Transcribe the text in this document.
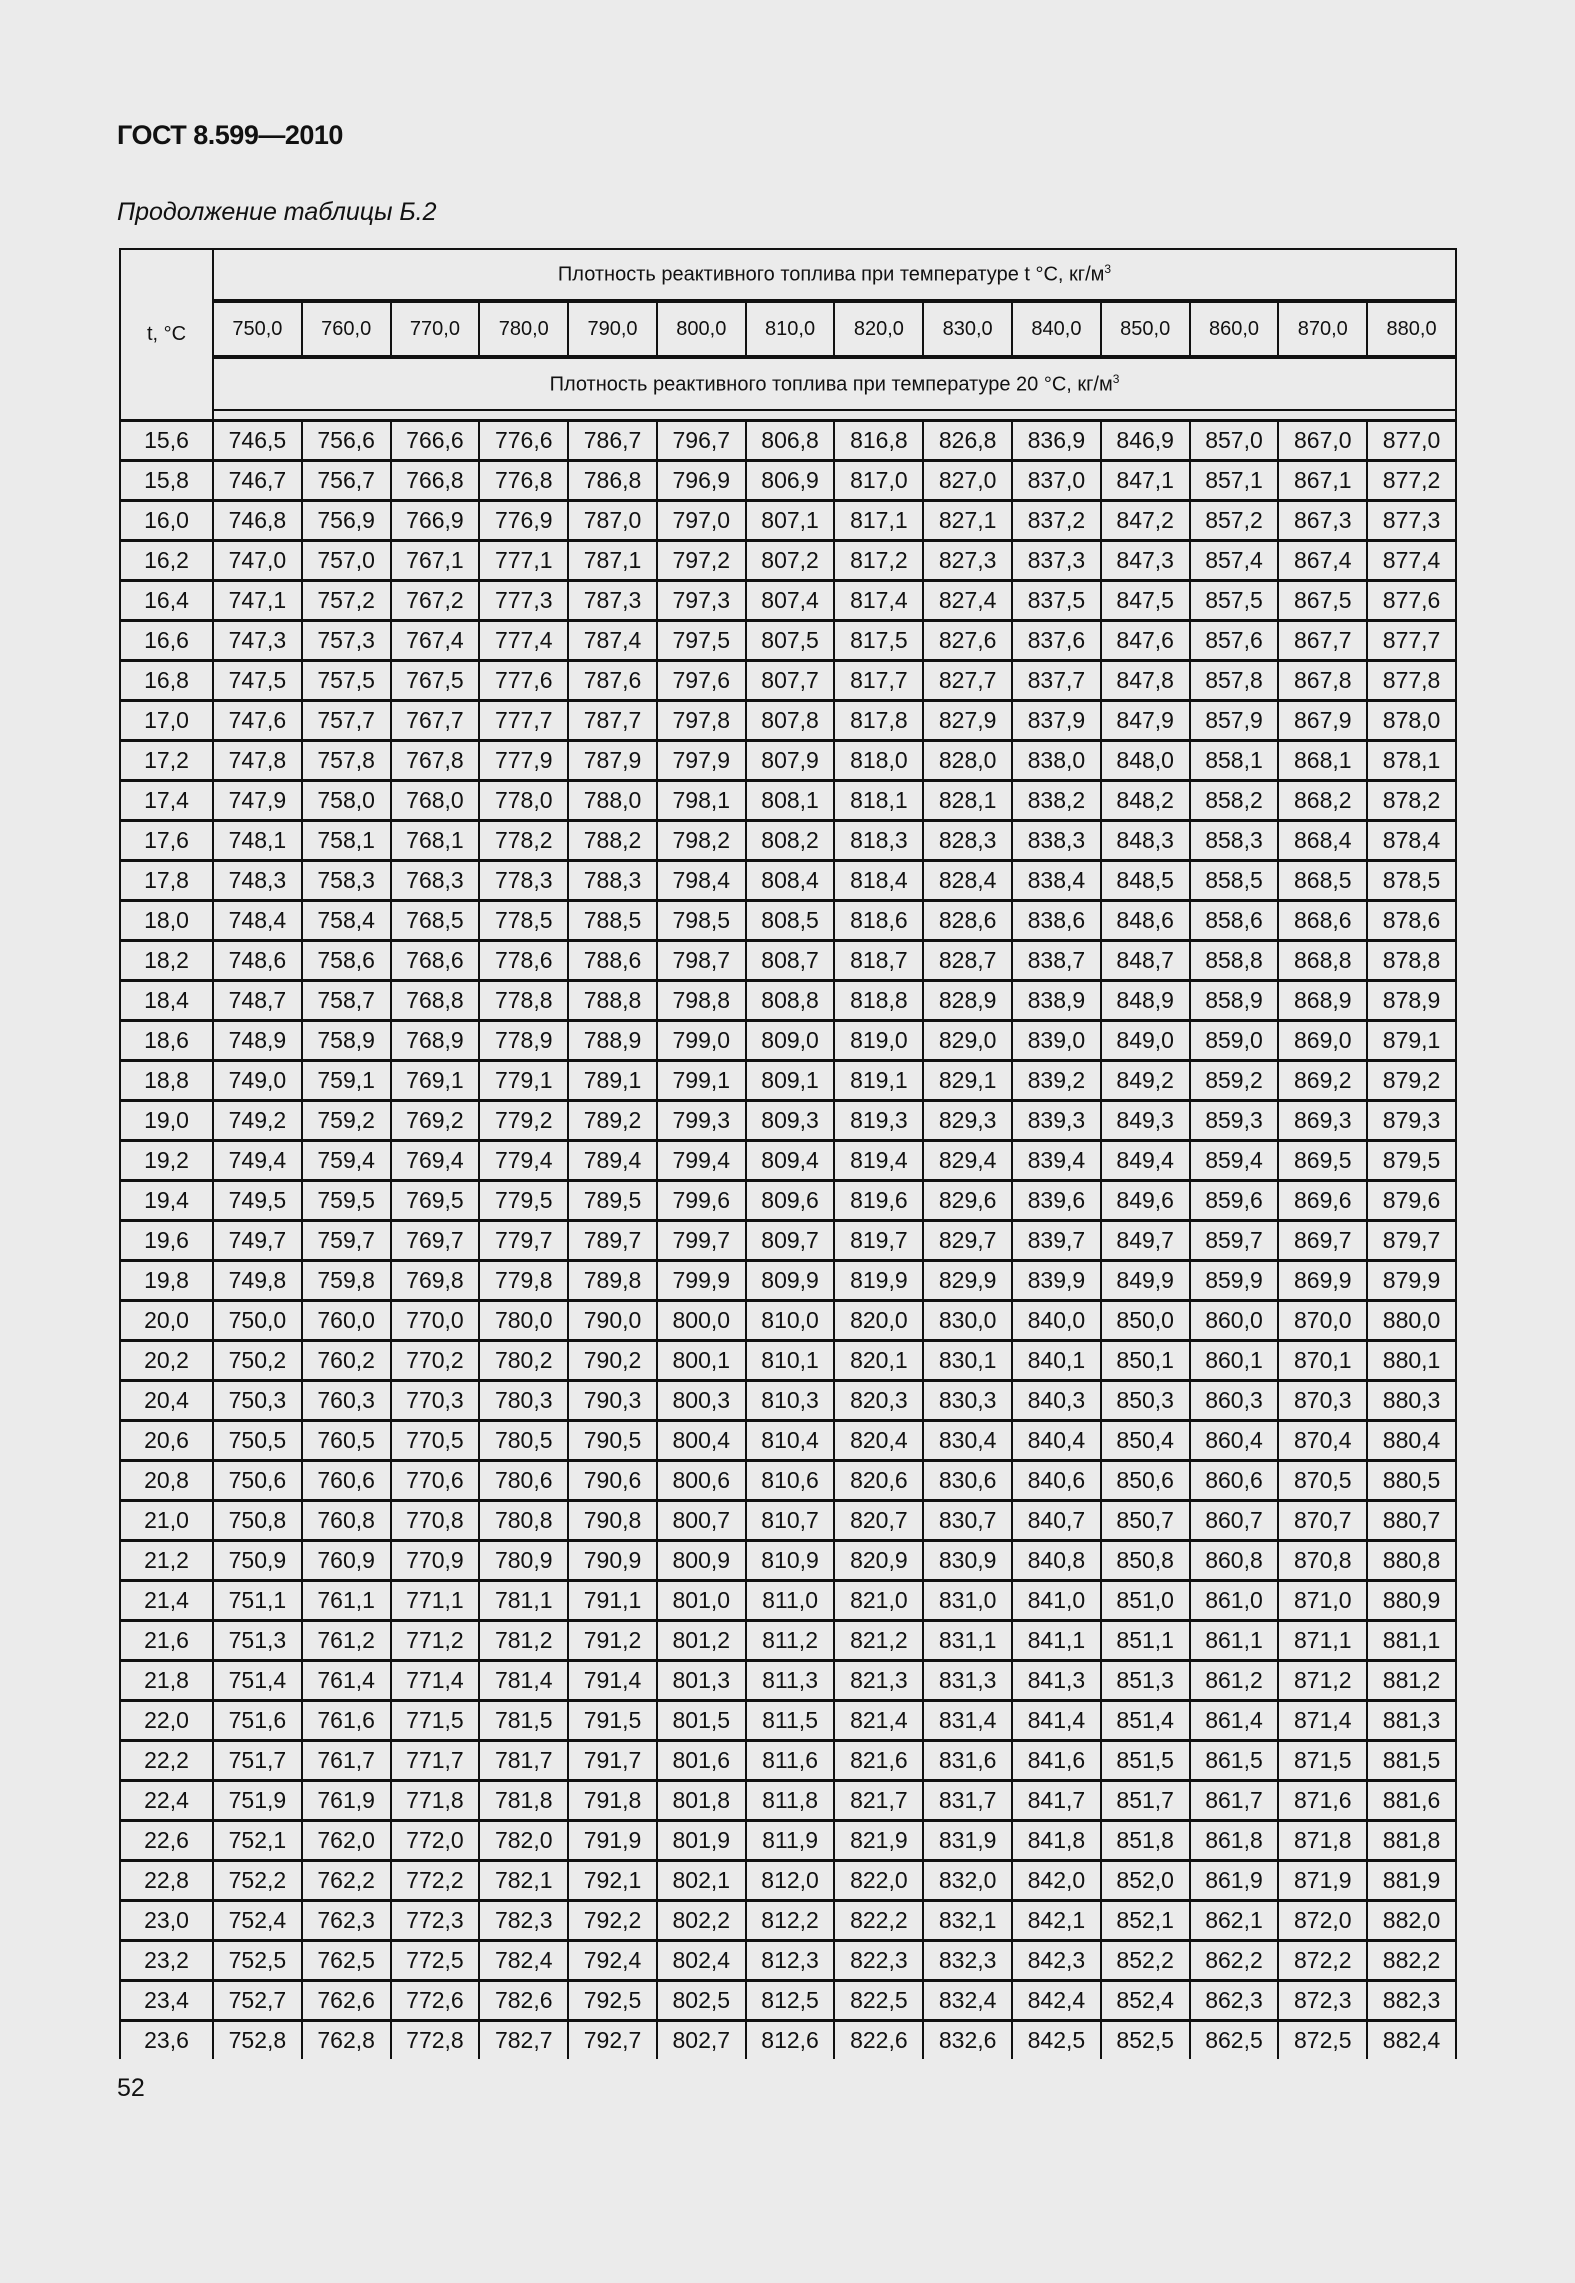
ГОСТ 8.599—2010
Продолжение таблицы Б.2
t, °C	Плотность реактивного топлива при температуре t °C, $кг/м^3$
	750,0	760,0	770,0	780,0	790,0	800,0	810,0	820,0	830,0	840,0	850,0	860,0	870,0	880,0
	Плотность реактивного топлива при температуре 20 °C, $кг/м^3$

15,6	746,5	756,6	766,6	776,6	786,7	796,7	806,8	816,8	826,8	836,9	846,9	857,0	867,0	877,0
15,8	746,7	756,7	766,8	776,8	786,8	796,9	806,9	817,0	827,0	837,0	847,1	857,1	867,1	877,2
16,0	746,8	756,9	766,9	776,9	787,0	797,0	807,1	817,1	827,1	837,2	847,2	857,2	867,3	877,3
16,2	747,0	757,0	767,1	777,1	787,1	797,2	807,2	817,2	827,3	837,3	847,3	857,4	867,4	877,4
16,4	747,1	757,2	767,2	777,3	787,3	797,3	807,4	817,4	827,4	837,5	847,5	857,5	867,5	877,6
16,6	747,3	757,3	767,4	777,4	787,4	797,5	807,5	817,5	827,6	837,6	847,6	857,6	867,7	877,7
16,8	747,5	757,5	767,5	777,6	787,6	797,6	807,7	817,7	827,7	837,7	847,8	857,8	867,8	877,8
17,0	747,6	757,7	767,7	777,7	787,7	797,8	807,8	817,8	827,9	837,9	847,9	857,9	867,9	878,0
17,2	747,8	757,8	767,8	777,9	787,9	797,9	807,9	818,0	828,0	838,0	848,0	858,1	868,1	878,1
17,4	747,9	758,0	768,0	778,0	788,0	798,1	808,1	818,1	828,1	838,2	848,2	858,2	868,2	878,2
17,6	748,1	758,1	768,1	778,2	788,2	798,2	808,2	818,3	828,3	838,3	848,3	858,3	868,4	878,4
17,8	748,3	758,3	768,3	778,3	788,3	798,4	808,4	818,4	828,4	838,4	848,5	858,5	868,5	878,5
18,0	748,4	758,4	768,5	778,5	788,5	798,5	808,5	818,6	828,6	838,6	848,6	858,6	868,6	878,6
18,2	748,6	758,6	768,6	778,6	788,6	798,7	808,7	818,7	828,7	838,7	848,7	858,8	868,8	878,8
18,4	748,7	758,7	768,8	778,8	788,8	798,8	808,8	818,8	828,9	838,9	848,9	858,9	868,9	878,9
18,6	748,9	758,9	768,9	778,9	788,9	799,0	809,0	819,0	829,0	839,0	849,0	859,0	869,0	879,1
18,8	749,0	759,1	769,1	779,1	789,1	799,1	809,1	819,1	829,1	839,2	849,2	859,2	869,2	879,2
19,0	749,2	759,2	769,2	779,2	789,2	799,3	809,3	819,3	829,3	839,3	849,3	859,3	869,3	879,3
19,2	749,4	759,4	769,4	779,4	789,4	799,4	809,4	819,4	829,4	839,4	849,4	859,4	869,5	879,5
19,4	749,5	759,5	769,5	779,5	789,5	799,6	809,6	819,6	829,6	839,6	849,6	859,6	869,6	879,6
19,6	749,7	759,7	769,7	779,7	789,7	799,7	809,7	819,7	829,7	839,7	849,7	859,7	869,7	879,7
19,8	749,8	759,8	769,8	779,8	789,8	799,9	809,9	819,9	829,9	839,9	849,9	859,9	869,9	879,9
20,0	750,0	760,0	770,0	780,0	790,0	800,0	810,0	820,0	830,0	840,0	850,0	860,0	870,0	880,0
20,2	750,2	760,2	770,2	780,2	790,2	800,1	810,1	820,1	830,1	840,1	850,1	860,1	870,1	880,1
20,4	750,3	760,3	770,3	780,3	790,3	800,3	810,3	820,3	830,3	840,3	850,3	860,3	870,3	880,3
20,6	750,5	760,5	770,5	780,5	790,5	800,4	810,4	820,4	830,4	840,4	850,4	860,4	870,4	880,4
20,8	750,6	760,6	770,6	780,6	790,6	800,6	810,6	820,6	830,6	840,6	850,6	860,6	870,5	880,5
21,0	750,8	760,8	770,8	780,8	790,8	800,7	810,7	820,7	830,7	840,7	850,7	860,7	870,7	880,7
21,2	750,9	760,9	770,9	780,9	790,9	800,9	810,9	820,9	830,9	840,8	850,8	860,8	870,8	880,8
21,4	751,1	761,1	771,1	781,1	791,1	801,0	811,0	821,0	831,0	841,0	851,0	861,0	871,0	880,9
21,6	751,3	761,2	771,2	781,2	791,2	801,2	811,2	821,2	831,1	841,1	851,1	861,1	871,1	881,1
21,8	751,4	761,4	771,4	781,4	791,4	801,3	811,3	821,3	831,3	841,3	851,3	861,2	871,2	881,2
22,0	751,6	761,6	771,5	781,5	791,5	801,5	811,5	821,4	831,4	841,4	851,4	861,4	871,4	881,3
22,2	751,7	761,7	771,7	781,7	791,7	801,6	811,6	821,6	831,6	841,6	851,5	861,5	871,5	881,5
22,4	751,9	761,9	771,8	781,8	791,8	801,8	811,8	821,7	831,7	841,7	851,7	861,7	871,6	881,6
22,6	752,1	762,0	772,0	782,0	791,9	801,9	811,9	821,9	831,9	841,8	851,8	861,8	871,8	881,8
22,8	752,2	762,2	772,2	782,1	792,1	802,1	812,0	822,0	832,0	842,0	852,0	861,9	871,9	881,9
23,0	752,4	762,3	772,3	782,3	792,2	802,2	812,2	822,2	832,1	842,1	852,1	862,1	872,0	882,0
23,2	752,5	762,5	772,5	782,4	792,4	802,4	812,3	822,3	832,3	842,3	852,2	862,2	872,2	882,2
23,4	752,7	762,6	772,6	782,6	792,5	802,5	812,5	822,5	832,4	842,4	852,4	862,3	872,3	882,3
23,6	752,8	762,8	772,8	782,7	792,7	802,7	812,6	822,6	832,6	842,5	852,5	862,5	872,5	882,4
52
